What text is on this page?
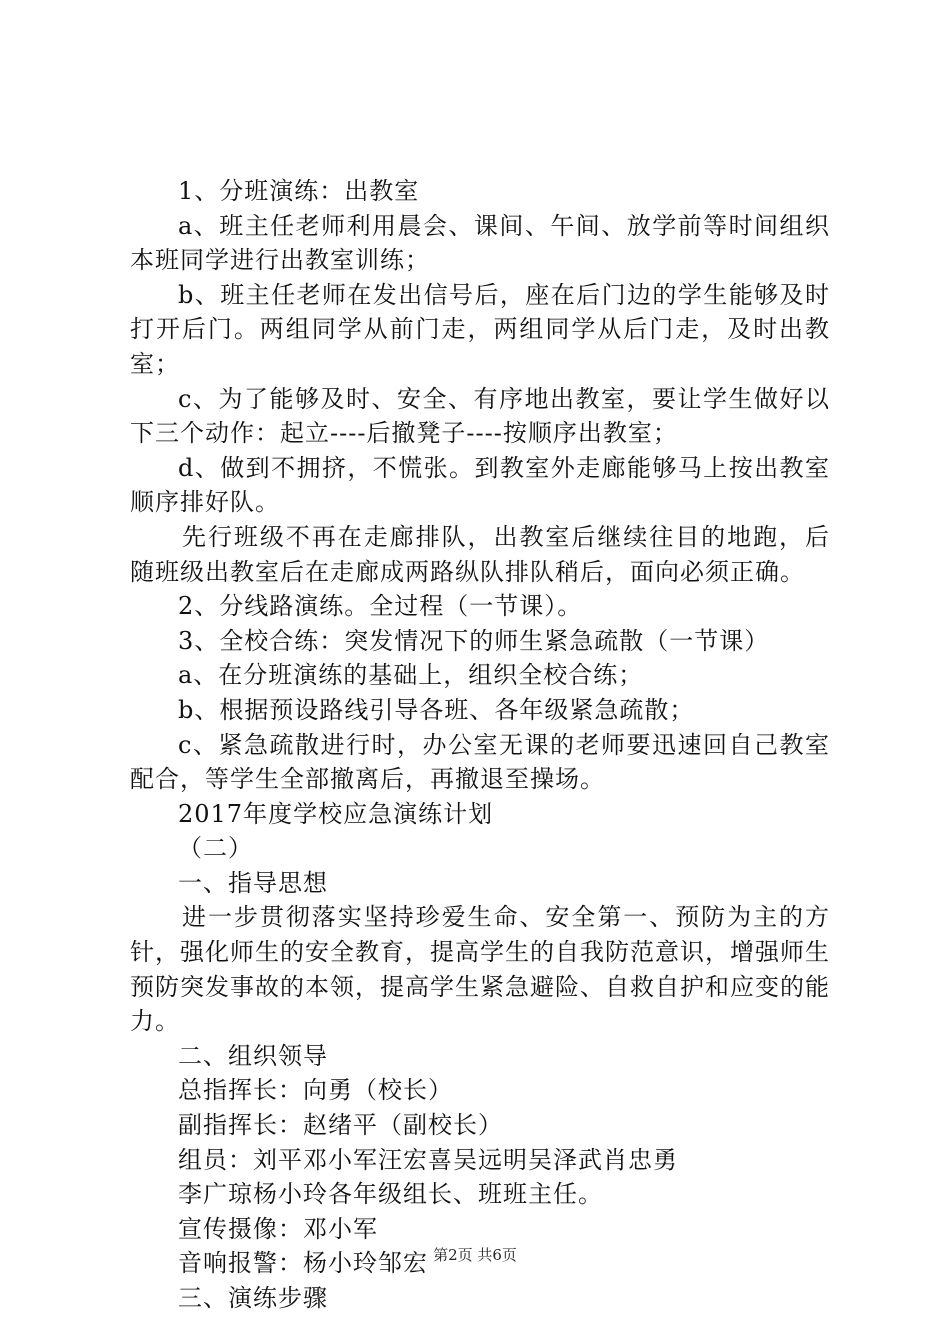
1、分班演练：出教室

a、班主任老师利用晨会、课间、午间、放学前等时间组织本班同学进行出教室训练；

b、班主任老师在发出信号后，座在后门边的学生能够及时打开后门。两组同学从前门走，两组同学从后门走，及时出教室；

c、为了能够及时、安全、有序地出教室，要让学生做好以下三个动作：起立----后撤凳子----按顺序出教室；

d、做到不拥挤，不慌张。到教室外走廊能够马上按出教室顺序排好队。

先行班级不再在走廊排队，出教室后继续往目的地跑，后随班级出教室后在走廊成两路纵队排队稍后，面向必须正确。

2、分线路演练。全过程（一节课）。

3、全校合练：突发情况下的师生紧急疏散（一节课）

a、在分班演练的基础上，组织全校合练；

b、根据预设路线引导各班、各年级紧急疏散；

c、紧急疏散进行时，办公室无课的老师要迅速回自己教室配合，等学生全部撤离后，再撤退至操场。

2017年度学校应急演练计划

（二）

一、指导思想

进一步贯彻落实坚持珍爱生命、安全第一、预防为主的方针，强化师生的安全教育，提高学生的自我防范意识，增强师生预防突发事故的本领，提高学生紧急避险、自救自护和应变的能力。

二、组织领导

总指挥长：向勇（校长）

副指挥长：赵绪平（副校长）

组员：刘平邓小军汪宏喜吴远明吴泽武肖忠勇

李广琼杨小玲各年级组长、班班主任。

宣传摄像：邓小军

音响报警：杨小玲邹宏

三、演练步骤

第2页 共6页
